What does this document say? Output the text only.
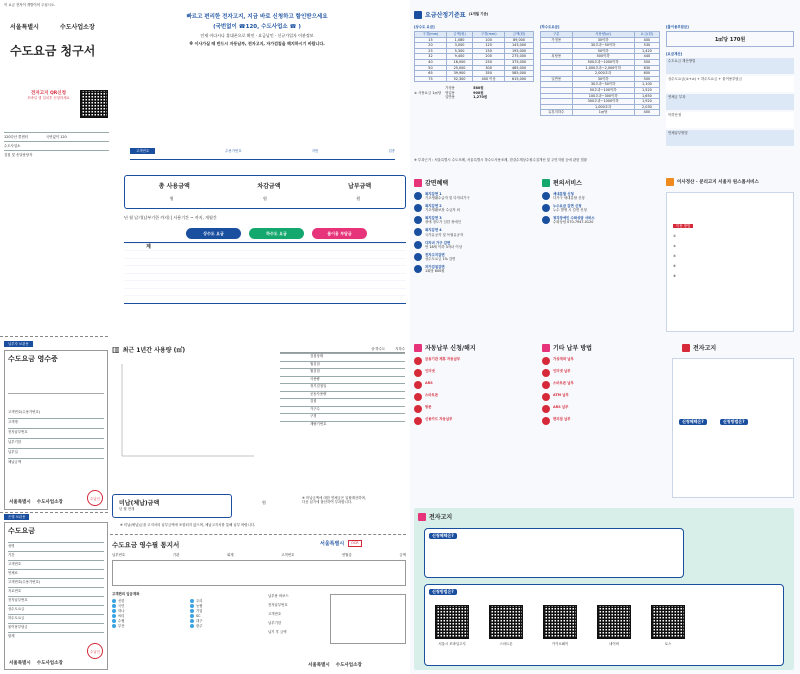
이 요금 전자이 개발이어 주십시오.
서울특별시	수도사업소장
수도요금 청구서
전자고지 QR신청
모바일 앱 설치후 신청하세요
120다산 콜센터	국번없이 120
수도사업소
검침 및 송달담당자
납부자 보관용
수도요금 영수증
고객번호(수용가번호)
고객명
전자납부번호
납부기한
납부일
체납금액
서울특별시 수도사업소장
수납인
은행 보관용
수도요금
성명
기간
고객번호
연체료
고객번호(수용가번호)
지로번호
전자납부번호
상수도요금
하수도요금
물이용부담금
합계
서울특별시 수도사업소장
수납인
빠르고 편리한 전자고지, 지금 바로 신청하고 할인받으세요
(국번없이 ☎120, 수도사업소 ☎ )
인재 이다시나 휴대폰으로 확인 · 요금납인 · 신규가입자 이관정보
※ 이사가실 때 반드시 자동납부, 전자고지, 자가검침을 해지하시기 바랍니다.
고객번호	수용가번호	지번	업종
총 사용금액	차감금액	납부금액
원	원	원
년 월 납기(납부기한 까지) | 사용기간 ~ 까지, 개월간
상수도 요금	하수도 요금	물이용 부담금
계
▥ 최근 1년간 사용량 (㎥)	상·하수도	지하수
검침상태
월검침
월검침
사용량
정기검침일
공동사용량
검침
가구수
구경
계량기번호
미납(체납)금액
년 월 현재
원
※ 미납금액에 대한 연체금은 일할계산하며,
다음 납기에 합산하여 부과합니다.
※ 미납(체납)금을 고지서의 납부금액에 포함되지 않으며, 체납고지서를 통해 납부 바랍니다.
수도요금 영수필 통지서	서울특별시	OCR
납부번호	기관	회계	고객번호	연월갑	금액
고객편의 입금계좌
신한	우리
국민	농협
하나	기업
씨티	SC
수협	대구
부산	광주
납부용 바코드
전자납부번호
고객번호
납부기한
납기 후 금액
서울특별시 수도사업소장
요금산정기준표 (1개월 기준)
[상수도 요금]
구경(mm)	금액(원)	구경(mm)	금액(원)
15	1,080	100	89,000
20	3,000	125	143,000
25	5,300	150	195,000
32	9,400	200	275,000
40	16,000	250	375,000
50	25,000	300	485,000
65	39,900	350	585,000
75	52,300	400 이상	615,000
② 사용요금 1㎥당
가정용	580원
영업용	900원
일반용	1,270원
[하수도요금]
구분	사용량(㎥)	요금(원)
가정용	30이하	400
	30초과~50이하	530
	50이하	1,420
욕탕용	500이하	440
	500초과~1000이하	550
	1,000초과~2,000이하	630
	2,000초과	650
일반용	30이하	500
	30초과~50이하	1,100
	50초과~100이하	1,520
	100초과~300이하	1,650
	300초과~1000이하	1,920
	1,000초과	2,030
유휴지하수	1㎥당	400
[물이용부담금]
1㎥당 170원
[요금계산]
수도요금 계산방법
상수도요금(①+②) + 하수도요금 + 물이용부담금
연체금 부과
이하산정
연체납부방법
※ 부과근거 : 서울특별시 수도조례, 서울특별시 하수도사용조례, 한강수계상수원수질개선 및 주민지원 등에 관한 법률
감면혜택
복지감면 1
기초생활수급자 및 다자녀가구
복지감면 2
기초생활보장 수급자 외
복지감면 3
장애 정도가 심한 장애인
복지감면 4
국가유공자 및 독립유공자
다자녀 가구 감면
만 18세 이하 3자녀 이상
전자고지감면
상수도요금 1% 감면
자가검침감면
1회당 600원
편의서비스
세대분할 신청
다가구 세대분할 신청
누수요금 감면 신청
누수 발생 시 감면 신청
청각장애인 수화상담 서비스
수화상담 070-7947-0120
이사정산 · 분리고지 서울자 원스톱서비스
이용 방법
①
②
③
④
⑤
자동납부 신청/해지
금융기관 제휴 자동납부
인터넷
ARS
스마트폰
방문
신용카드 자동납부
기타 납부 방법
가상계좌 납부
인터넷 납부
스마트폰 납부
ATM 납부
ARS 납부
편의점 납부
전자고지
신청혜택은?	신청방법은?
전자고지
신청혜택은?
신청방법은?
서울시 모바일고지	스마트폰	카카오페이	네이버	토스
